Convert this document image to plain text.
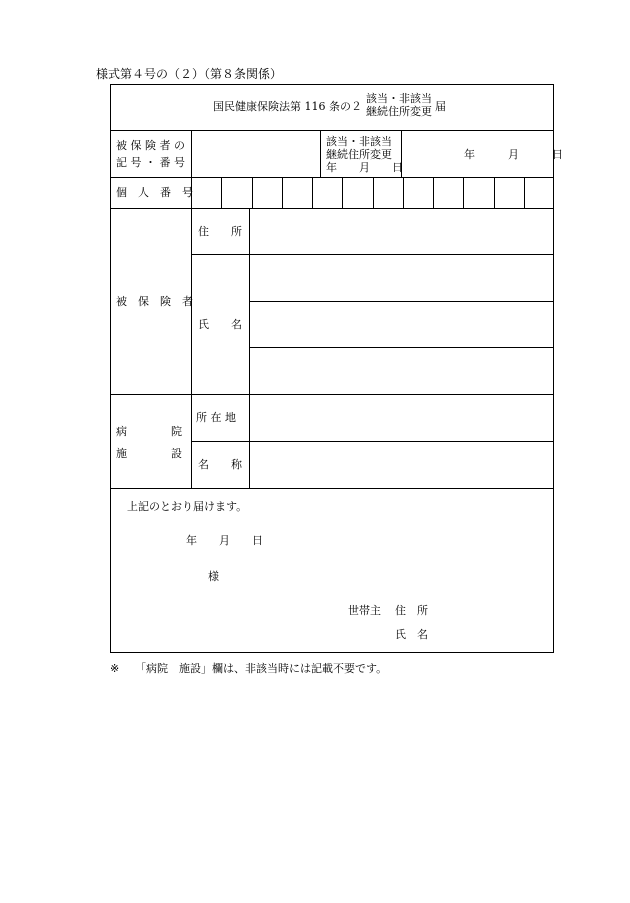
様式第４号の（２）（第８条関係）
国民健康保険法第 116 条の２
該当・非該当
継続住所変更 届
被 保 険 者 の
記 号 ・ 番 号
該当・非該当
継続住所変更
年　　月　　日
年　　　月　　　日
個　人　番　号
被　保　険　者
住　　所
氏　　名
病　　　　院
施　　　　設
所 在 地
名　　称
上記のとおり届けます。
年　　月　　日
様
世帯主 住　所
氏　名
※ 「病院　施設」欄は、非該当時には記載不要です。
